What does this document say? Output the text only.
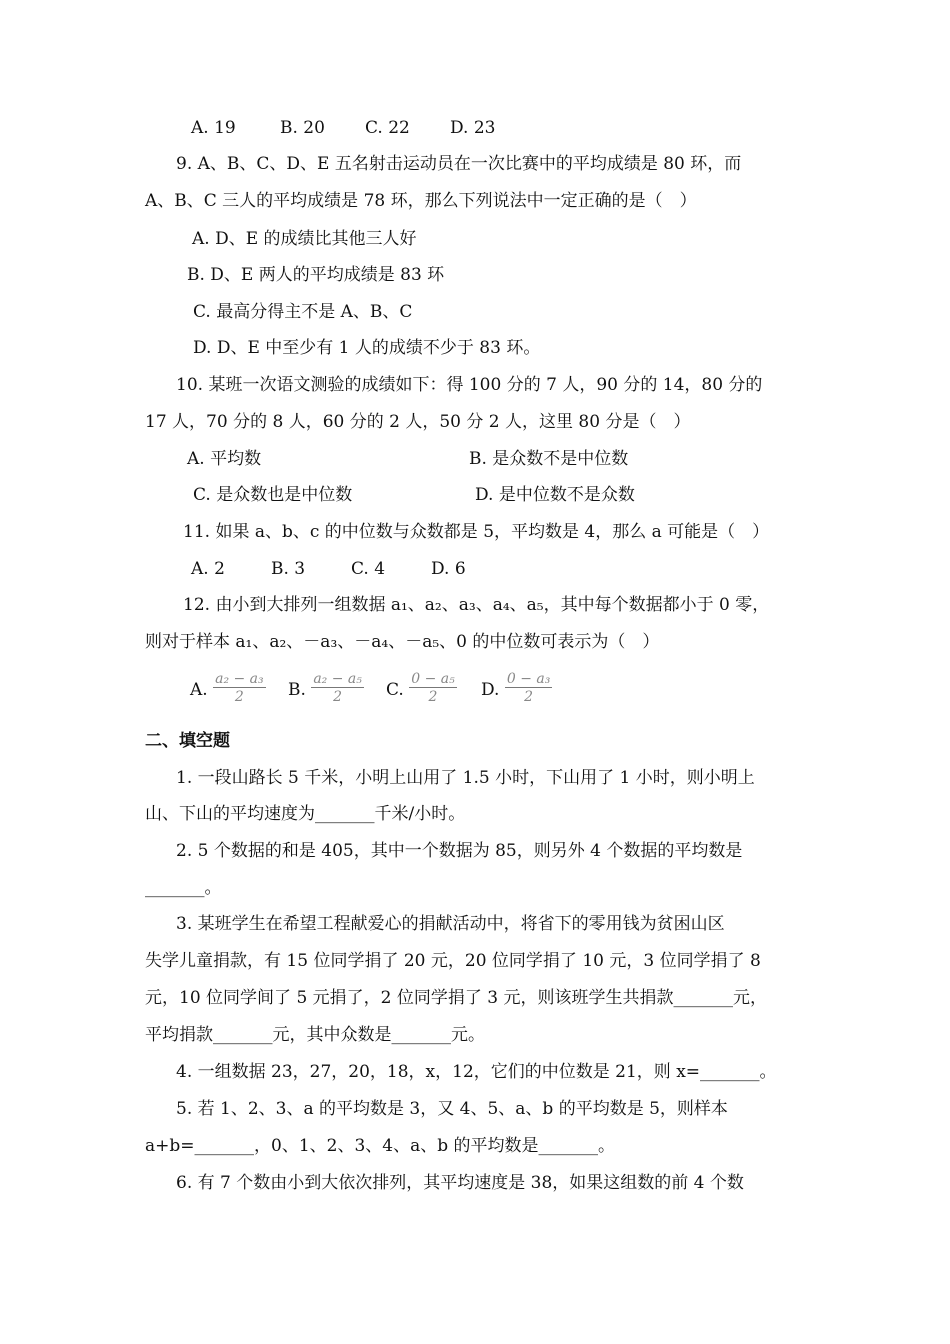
A. 19	B. 20 C. 22 D. 23
9. A、B、C、D、E 五名射击运动员在一次比赛中的平均成绩是 80 环，而
A、B、C 三人的平均成绩是 78 环，那么下列说法中一定正确的是（　）
A. D、E 的成绩比其他三人好
B. D、E 两人的平均成绩是 83 环
C. 最高分得主不是 A、B、C
D. D、E 中至少有 1 人的成绩不少于 83 环。
10. 某班一次语文测验的成绩如下：得 100 分的 7 人，90 分的 14，80 分的
17 人，70 分的 8 人，60 分的 2 人，50 分 2 人，这里 80 分是（　）
A. 平均数	B. 是众数不是中位数
C. 是众数也是中位数	D. 是中位数不是众数
11. 如果 a、b、c 的中位数与众数都是 5，平均数是 4，那么 a 可能是（　）
A. 2	B. 3	C. 4	D. 6
12. 由小到大排列一组数据 a₁、a₂、a₃、a₄、a₅，其中每个数据都小于 0 零，
则对于样本 a₁、a₂、－a₃、－a₄、－a₅、0 的中位数可表示为（　）
A. $\frac{\text{a₂ − a₃}}{2} B$. $\frac{\text{a₂ − a₅}}{2} C$. $\frac{\text{0 − a₅}}{2} D$. $\frac{\text{0 − a₃}}{2}$
二、填空题
1. 一段山路长 5 千米，小明上山用了 1.5 小时，下山用了 1 小时，则小明上
山、下山的平均速度为_______千米/小时。
2. 5 个数据的和是 405，其中一个数据为 85，则另外 4 个数据的平均数是
_______。
3. 某班学生在希望工程献爱心的捐献活动中，将省下的零用钱为贫困山区
失学儿童捐款，有 15 位同学捐了 20 元，20 位同学捐了 10 元，3 位同学捐了 8
元，10 位同学间了 5 元捐了，2 位同学捐了 3 元，则该班学生共捐款_______元，
平均捐款_______元，其中众数是_______元。
4. 一组数据 23，27，20，18，x，12，它们的中位数是 21，则 x=_______。
5. 若 1、2、3、a 的平均数是 3，又 4、5、a、b 的平均数是 5，则样本
a+b=_______，0、1、2、3、4、a、b 的平均数是_______。
6. 有 7 个数由小到大依次排列，其平均速度是 38，如果这组数的前 4 个数
